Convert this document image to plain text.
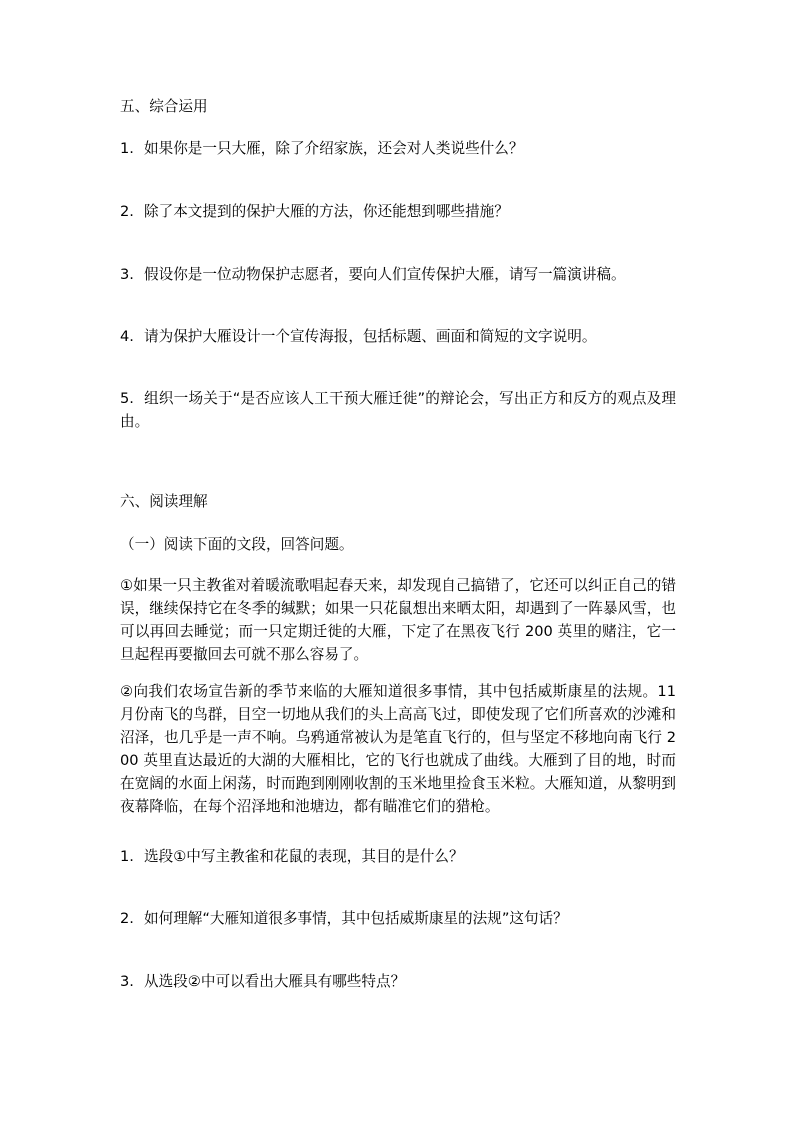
五、综合运用
1. 如果你是一只大雁，除了介绍家族，还会对人类说些什么？
2. 除了本文提到的保护大雁的方法，你还能想到哪些措施？
3. 假设你是一位动物保护志愿者，要向人们宣传保护大雁，请写一篇演讲稿。
4. 请为保护大雁设计一个宣传海报，包括标题、画面和简短的文字说明。
5. 组织一场关于“是否应该人工干预大雁迁徙”的辩论会，写出正方和反方的观点及理由。
六、阅读理解
（一）阅读下面的文段，回答问题。
①如果一只主教雀对着暖流歌唱起春天来，却发现自己搞错了，它还可以纠正自己的错误，继续保持它在冬季的缄默；如果一只花鼠想出来晒太阳，却遇到了一阵暴风雪，也可以再回去睡觉；而一只定期迁徙的大雁，下定了在黑夜飞行 200 英里的赌注，它一旦起程再要撤回去可就不那么容易了。
②向我们农场宣告新的季节来临的大雁知道很多事情，其中包括威斯康星的法规。11 月份南飞的鸟群，目空一切地从我们的头上高高飞过，即使发现了它们所喜欢的沙滩和沼泽，也几乎是一声不响。乌鸦通常被认为是笔直飞行的，但与坚定不移地向南飞行 200 英里直达最近的大湖的大雁相比，它的飞行也就成了曲线。大雁到了目的地，时而在宽阔的水面上闲荡，时而跑到刚刚收割的玉米地里捡食玉米粒。大雁知道，从黎明到夜幕降临，在每个沼泽地和池塘边，都有瞄准它们的猎枪。
1. 选段①中写主教雀和花鼠的表现，其目的是什么？
2. 如何理解“大雁知道很多事情，其中包括威斯康星的法规”这句话？
3. 从选段②中可以看出大雁具有哪些特点？
